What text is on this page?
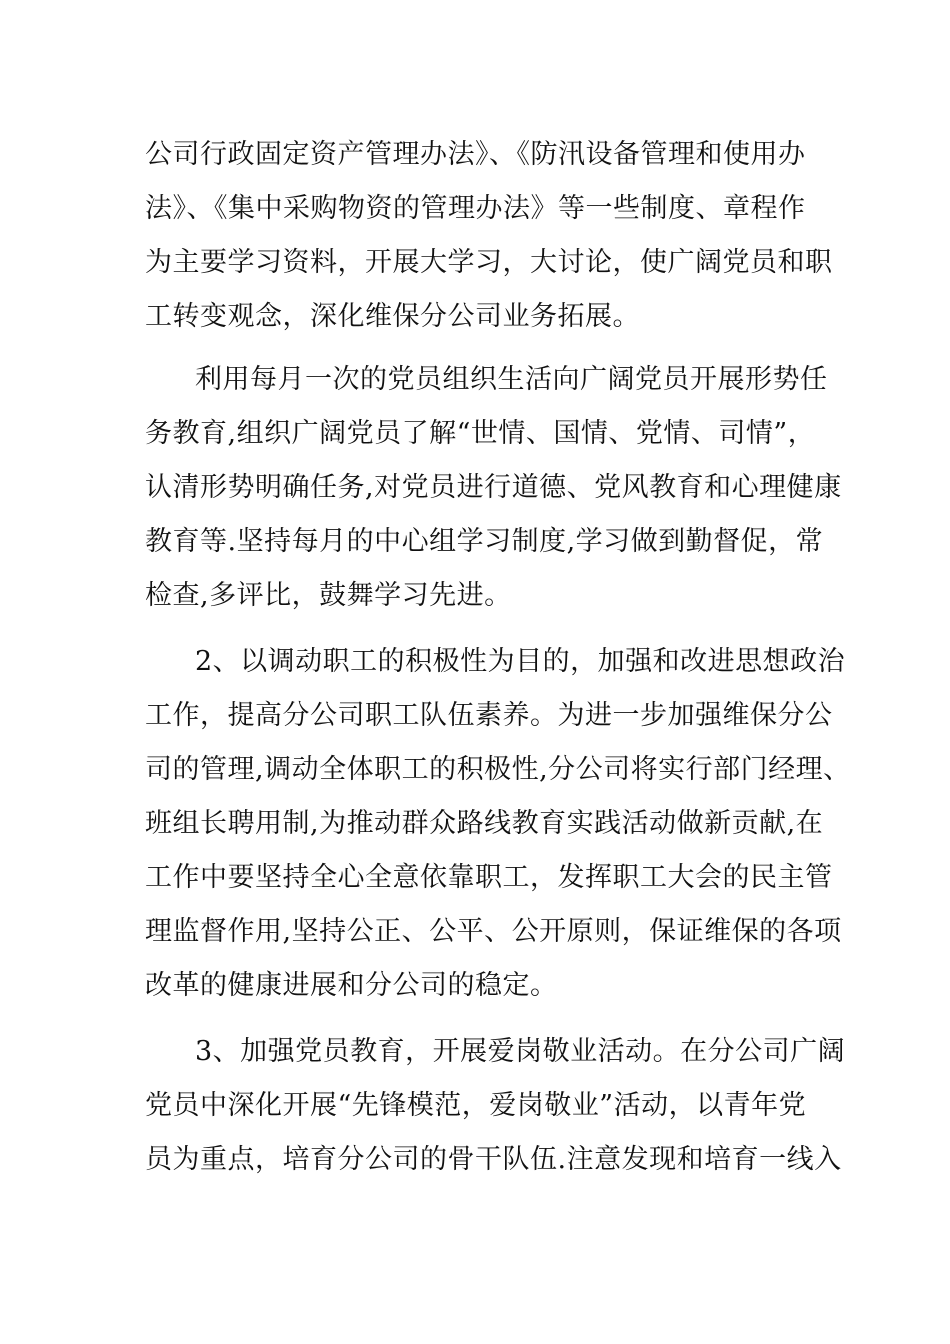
公司行政固定资产管理办法》、《防汛设备管理和使用办
法》、《集中采购物资的管理办法》等一些制度、章程作
为主要学习资料，开展大学习，大讨论，使广阔党员和职
工转变观念，深化维保分公司业务拓展。
利用每月一次的党员组织生活向广阔党员开展形势任
务教育,组织广阔党员了解“世情、国情、党情、司情”，
认清形势明确任务,对党员进行道德、党风教育和心理健康
教育等.坚持每月的中心组学习制度,学习做到勤督促，常
检查,多评比，鼓舞学习先进。
2、以调动职工的积极性为目的，加强和改进思想政治
工作，提高分公司职工队伍素养。为进一步加强维保分公
司的管理,调动全体职工的积极性,分公司将实行部门经理、
班组长聘用制,为推动群众路线教育实践活动做新贡献,在
工作中要坚持全心全意依靠职工，发挥职工大会的民主管
理监督作用,坚持公正、公平、公开原则，保证维保的各项
改革的健康进展和分公司的稳定。
3、加强党员教育，开展爱岗敬业活动。在分公司广阔
党员中深化开展“先锋模范，爱岗敬业”活动，以青年党
员为重点，培育分公司的骨干队伍.注意发现和培育一线入
